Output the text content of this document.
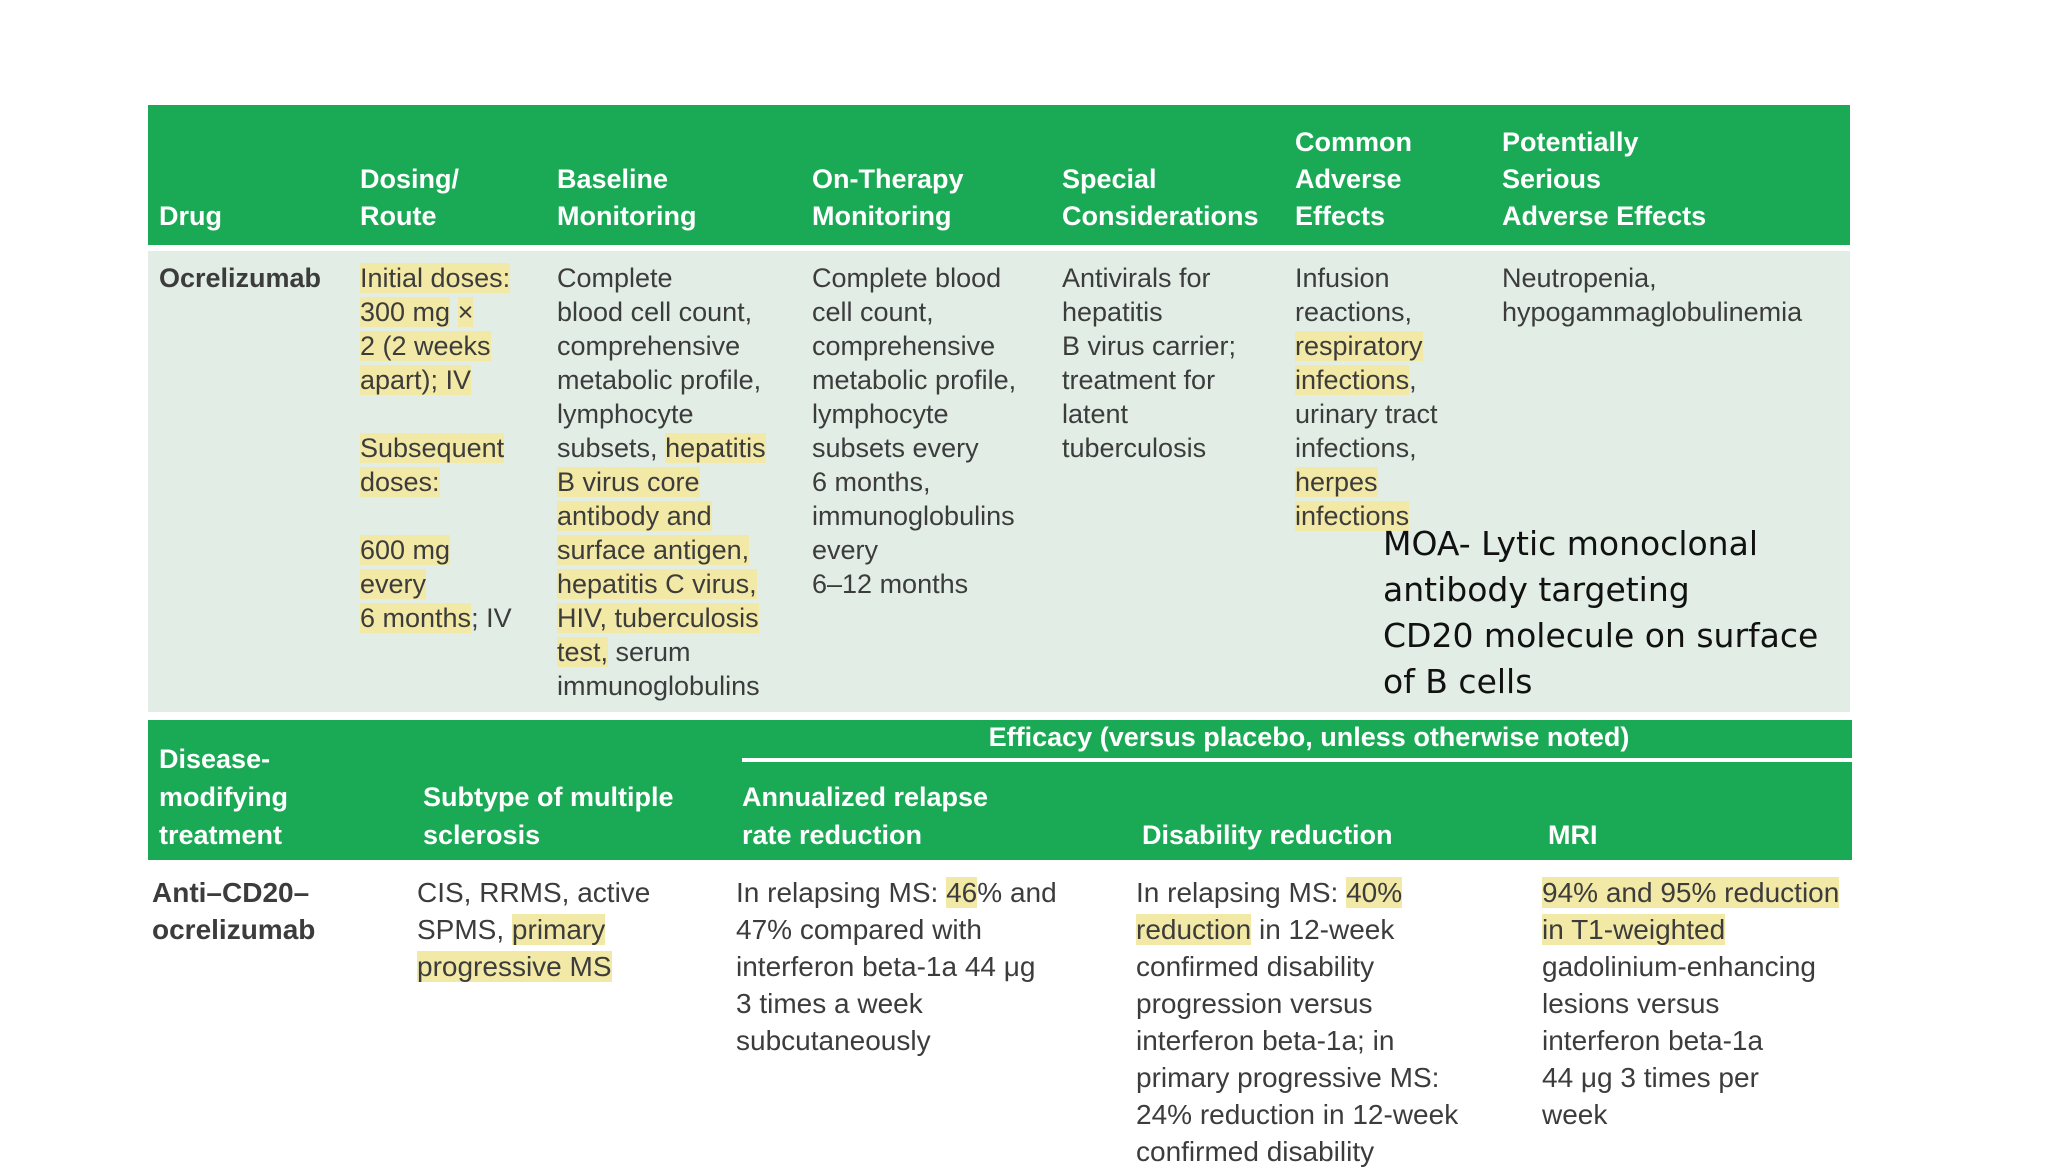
Drug
Dosing/
Route
Baseline
Monitoring
On-Therapy
Monitoring
Special
Considerations
Common
Adverse
Effects
Potentially
Serious
Adverse Effects
Ocrelizumab Initial doses:
300 mg ×
2 (2 weeks
apart); IV
Subsequent
doses:
600 mg
every
6 months; IV
Complete
blood cell count,
comprehensive
metabolic profile,
lymphocyte
subsets, hepatitis
B virus core
antibody and
surface antigen,
hepatitis C virus,
HIV, tuberculosis
test, serum
immunoglobulins
Complete blood
cell count,
comprehensive
metabolic profile,
lymphocyte
subsets every
6 months,
immunoglobulins
every
6–12 months
Antivirals for
hepatitis
B virus carrier;
treatment for
latent
tuberculosis
Infusion
reactions,
respiratory
infections,
urinary tract
infections,
herpes
infections
Neutropenia,
hypogammaglobulinemia
MOA- Lytic monoclonal
antibody targeting
CD20 molecule on surface
of B cells
Efficacy (versus placebo, unless otherwise noted)
Disease-
modifying
treatment
Subtype of multiple
sclerosis
Annualized relapse
rate reduction	Disability reduction	MRI
Anti–CD20–
ocrelizumab
CIS, RRMS, active
SPMS, primary
progressive MS
In relapsing MS: 46% and
47% compared with
interferon beta-1a 44 μg
3 times a week
subcutaneously
In relapsing MS: 40%
reduction in 12-week
confirmed disability
progression versus
interferon beta-1a; in
primary progressive MS:
24% reduction in 12-week
confirmed disability
94% and 95% reduction
in T1-weighted
gadolinium-enhancing
lesions versus
interferon beta-1a
44 μg 3 times per
week
